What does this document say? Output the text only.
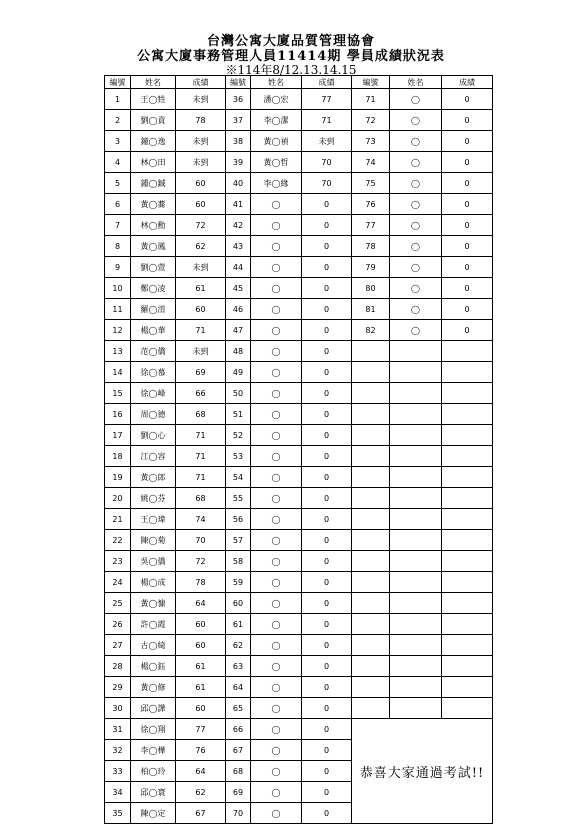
台灣公寓大廈品質管理協會
公寓大廈事務管理人員11414期 學員成績狀況表
※114年8/12.13.14.15
編號	姓名	成績	編號	姓名	成績	編號	姓名	成績
1	王◯甡	未到	36	潘◯宏	77	71	◯	0
2	劉◯賁	78	37	李◯潔	71	72	◯	0
3	鐘◯逸	未到	38	黃◯禎	未到	73	◯	0
4	林◯田	未到	39	黃◯哲	70	74	◯	0
5	鍾◯鋮	60	40	李◯緣	70	75	◯	0
6	黃◯蕎	60	41	◯	0	76	◯	0
7	林◯勳	72	42	◯	0	77	◯	0
8	黃◯鳳	62	43	◯	0	78	◯	0
9	劉◯萱	未到	44	◯	0	79	◯	0
10	鄭◯凌	61	45	◯	0	80	◯	0
11	羅◯淯	60	46	◯	0	81	◯	0
12	楊◯華	71	47	◯	0	82	◯	0
13	范◯僑	未到	48	◯	0			
14	徐◯慕	69	49	◯	0			
15	徐◯峰	66	50	◯	0			
16	周◯德	68	51	◯	0			
17	劉◯心	71	52	◯	0			
18	江◯容	71	53	◯	0			
19	黃◯郎	71	54	◯	0			
20	姚◯芬	68	55	◯	0			
21	王◯瑋	74	56	◯	0			
22	陳◯菊	70	57	◯	0			
23	吳◯僑	72	58	◯	0			
24	楊◯成	78	59	◯	0			
25	黃◯慷	64	60	◯	0			
26	許◯霞	60	61	◯	0			
27	古◯綺	60	62	◯	0			
28	楊◯鈺	61	63	◯	0			
29	黃◯修	61	64	◯	0			
30	邱◯譁	60	65	◯	0			
31	徐◯翔	77	66	◯	0	恭喜大家通過考試!!		
32	李◯樺	76	67	◯	0			
33	柏◯玲	64	68	◯	0			
34	邱◯寰	62	69	◯	0			
35	陳◯定	67	70	◯	0			
